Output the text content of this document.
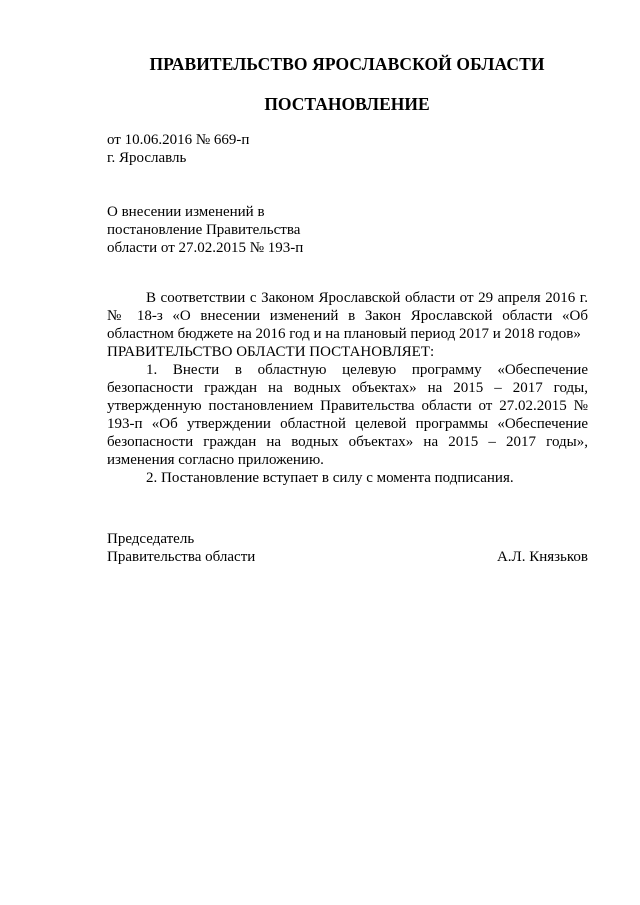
ПРАВИТЕЛЬСТВО ЯРОСЛАВСКОЙ ОБЛАСТИ
ПОСТАНОВЛЕНИЕ
от 10.06.2016 № 669-п
г. Ярославль
О внесении изменений в
постановление Правительства
области от 27.02.2015 № 193-п

В соответствии с Законом Ярославской области от 29 апреля 2016 г. № 18-з «О внесении изменений в Закон Ярославской области «Об областном бюджете на 2016 год и на плановый период 2017 и 2018 годов»

ПРАВИТЕЛЬСТВО ОБЛАСТИ ПОСТАНОВЛЯЕТ:

1. Внести в областную целевую программу «Обеспечение безопасности граждан на водных объектах» на 2015 – 2017 годы, утвержденную постановлением Правительства области от 27.02.2015 № 193-п «Об утверждении областной целевой программы «Обеспечение безопасности граждан на водных объектах» на 2015 – 2017 годы», изменения согласно приложению.

2. Постановление вступает в силу с момента подписания.

Председатель
Правительства области	А.Л. Князьков
